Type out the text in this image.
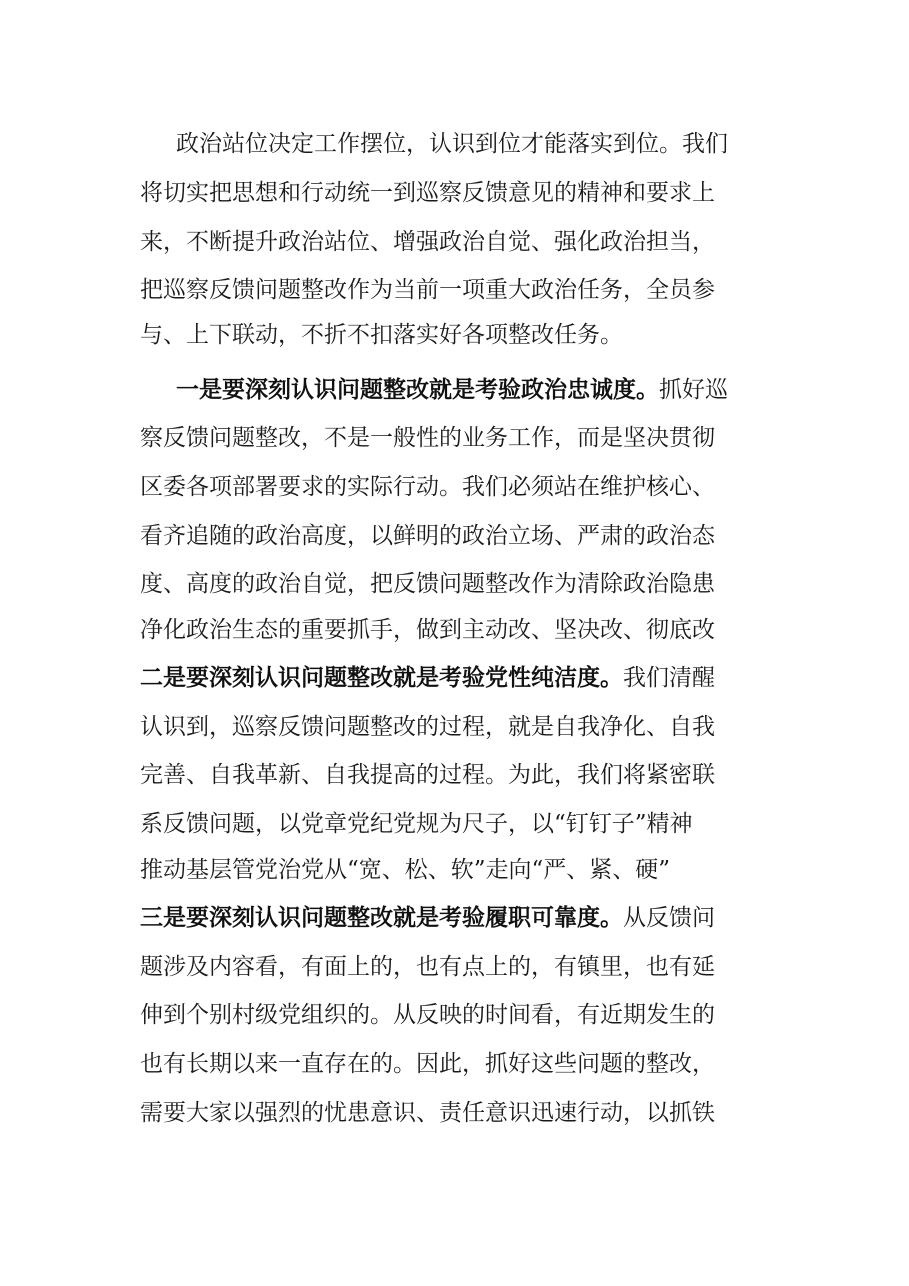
政治站位决定工作摆位，认识到位才能落实到位。我们
将切实把思想和行动统一到巡察反馈意见的精神和要求上
来，不断提升政治站位、增强政治自觉、强化政治担当，
把巡察反馈问题整改作为当前一项重大政治任务，全员参
与、上下联动，不折不扣落实好各项整改任务。
一是要深刻认识问题整改就是考验政治忠诚度。抓好巡
察反馈问题整改，不是一般性的业务工作，而是坚决贯彻
区委各项部署要求的实际行动。我们必须站在维护核心、
看齐追随的政治高度，以鲜明的政治立场、严肃的政治态
度、高度的政治自觉，把反馈问题整改作为清除政治隐患
净化政治生态的重要抓手，做到主动改、坚决改、彻底改
二是要深刻认识问题整改就是考验党性纯洁度。我们清醒
认识到，巡察反馈问题整改的过程，就是自我净化、自我
完善、自我革新、自我提高的过程。为此，我们将紧密联
系反馈问题，以党章党纪党规为尺子，以“钉钉子”精神
推动基层管党治党从“宽、松、软”走向“严、紧、硬”
三是要深刻认识问题整改就是考验履职可靠度。从反馈问
题涉及内容看，有面上的，也有点上的，有镇里，也有延
伸到个别村级党组织的。从反映的时间看，有近期发生的
也有长期以来一直存在的。因此，抓好这些问题的整改，
需要大家以强烈的忧患意识、责任意识迅速行动，以抓铁
